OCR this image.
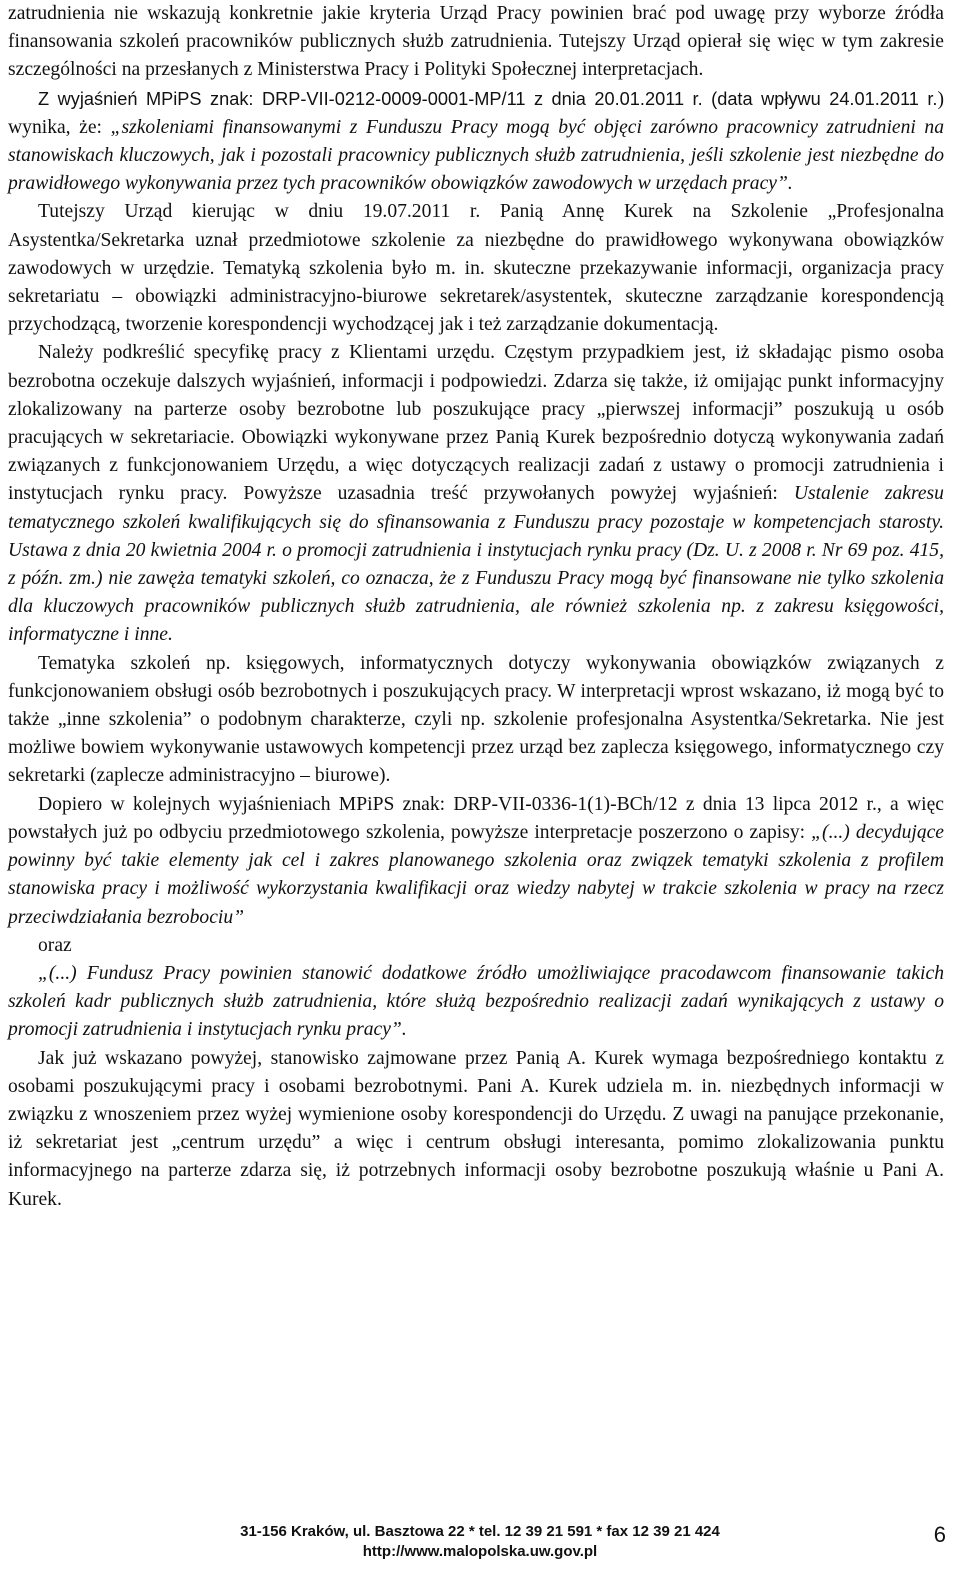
zatrudnienia nie wskazują konkretnie jakie kryteria Urząd Pracy powinien brać pod uwagę przy wyborze źródła finansowania szkoleń pracowników publicznych służb zatrudnienia. Tutejszy Urząd opierał się więc w tym zakresie szczególności na przesłanych z Ministerstwa Pracy i Polityki Społecznej interpretacjach.

Z wyjaśnień MPiPS znak: DRP-VII-0212-0009-0001-MP/11 z dnia 20.01.2011 r. (data wpływu 24.01.2011 r.) wynika, że: „szkoleniami finansowanymi z Funduszu Pracy mogą być objęci zarówno pracownicy zatrudnieni na stanowiskach kluczowych, jak i pozostali pracownicy publicznych służb zatrudnienia, jeśli szkolenie jest niezbędne do prawidłowego wykonywania przez tych pracowników obowiązków zawodowych w urzędach pracy”.

Tutejszy Urząd kierując w dniu 19.07.2011 r. Panią Annę Kurek na Szkolenie „Profesjonalna Asystentka/Sekretarka uznał przedmiotowe szkolenie za niezbędne do prawidłowego wykonywana obowiązków zawodowych w urzędzie. Tematyką szkolenia było m. in. skuteczne przekazywanie informacji, organizacja pracy sekretariatu – obowiązki administracyjno-biurowe sekretarek/asystentek, skuteczne zarządzanie korespondencją przychodzącą, tworzenie korespondencji wychodzącej jak i też zarządzanie dokumentacją.

Należy podkreślić specyfikę pracy z Klientami urzędu. Częstym przypadkiem jest, iż składając pismo osoba bezrobotna oczekuje dalszych wyjaśnień, informacji i podpowiedzi. Zdarza się także, iż omijając punkt informacyjny zlokalizowany na parterze osoby bezrobotne lub poszukujące pracy „pierwszej informacji” poszukują u osób pracujących w sekretariacie. Obowiązki wykonywane przez Panią Kurek bezpośrednio dotyczą wykonywania zadań związanych z funkcjonowaniem Urzędu, a więc dotyczących realizacji zadań z ustawy o promocji zatrudnienia i instytucjach rynku pracy. Powyższe uzasadnia treść przywołanych powyżej wyjaśnień: Ustalenie zakresu tematycznego szkoleń kwalifikujących się do sfinansowania z Funduszu pracy pozostaje w kompetencjach starosty. Ustawa z dnia 20 kwietnia 2004 r. o promocji zatrudnienia i instytucjach rynku pracy (Dz. U. z 2008 r. Nr 69 poz. 415, z późn. zm.) nie zawęża tematyki szkoleń, co oznacza, że z Funduszu Pracy mogą być finansowane nie tylko szkolenia dla kluczowych pracowników publicznych służb zatrudnienia, ale również szkolenia np. z zakresu księgowości, informatyczne i inne.

Tematyka szkoleń np. księgowych, informatycznych dotyczy wykonywania obowiązków związanych z funkcjonowaniem obsługi osób bezrobotnych i poszukujących pracy. W interpretacji wprost wskazano, iż mogą być to także „inne szkolenia” o podobnym charakterze, czyli np. szkolenie profesjonalna Asystentka/Sekretarka. Nie jest możliwe bowiem wykonywanie ustawowych kompetencji przez urząd bez zaplecza księgowego, informatycznego czy sekretarki (zaplecze administracyjno – biurowe).

Dopiero w kolejnych wyjaśnieniach MPiPS znak: DRP-VII-0336-1(1)-BCh/12 z dnia 13 lipca 2012 r., a więc powstałych już po odbyciu przedmiotowego szkolenia, powyższe interpretacje poszerzono o zapisy: „(...) decydujące powinny być takie elementy jak cel i zakres planowanego szkolenia oraz związek tematyki szkolenia z profilem stanowiska pracy i możliwość wykorzystania kwalifikacji oraz wiedzy nabytej w trakcie szkolenia w pracy na rzecz przeciwdziałania bezrobociu”

oraz

„(...) Fundusz Pracy powinien stanowić dodatkowe źródło umożliwiające pracodawcom finansowanie takich szkoleń kadr publicznych służb zatrudnienia, które służą bezpośrednio realizacji zadań wynikających z ustawy o promocji zatrudnienia i instytucjach rynku pracy”.

Jak już wskazano powyżej, stanowisko zajmowane przez Panią A. Kurek wymaga bezpośredniego kontaktu z osobami poszukującymi pracy i osobami bezrobotnymi. Pani A. Kurek udziela m. in. niezbędnych informacji w związku z wnoszeniem przez wyżej wymienione osoby korespondencji do Urzędu. Z uwagi na panujące przekonanie, iż sekretariat jest „centrum urzędu” a więc i centrum obsługi interesanta, pomimo zlokalizowania punktu informacyjnego na parterze zdarza się, iż potrzebnych informacji osoby bezrobotne poszukują właśnie u Pani A. Kurek.

31-156 Kraków, ul. Basztowa 22 * tel. 12 39 21 591 * fax 12 39 21 424
http://www.malopolska.uw.gov.pl
6
